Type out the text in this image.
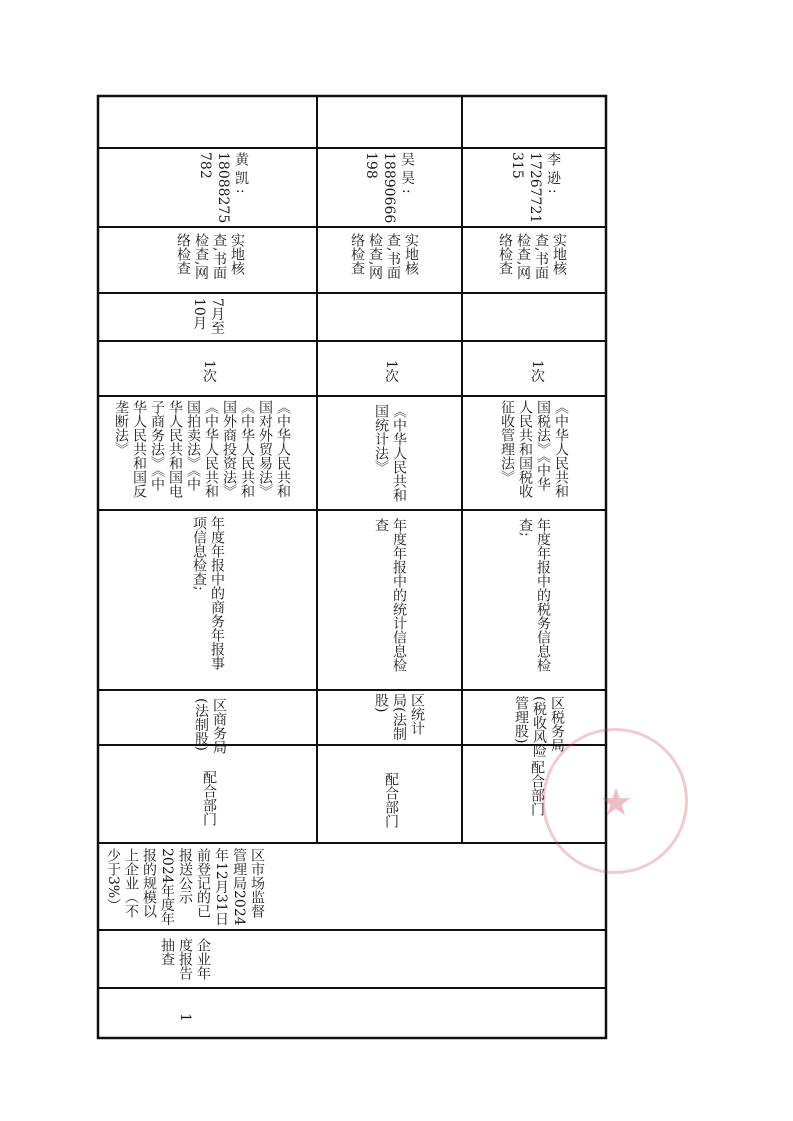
1
企业年
度报告
抽查
区市场监督
管理局2024
年12月31日
前登记的已
报送公示
2024年度年
报的规模以
上企业（不
少于3%）
配合部门
区商务局
(法制股)
年度年报中的商务年报事
项信息检查;
《中华人民共和
国对外贸易法》
《中华人民共和
国外商投资法》
《中华人民共和
国拍卖法》《中
华人民共和国电
子商务法》《中
华人民共和国反
垄断法》
1次
7月至
10月
实地核
查,书面
检查,网
络检查
黄 凯 :
18088275
782
配合部门
区统计
局(法制
股)
年度年报中的统计信息检
查
《中华人民共和
国统计法》
1次
实地核
查,书面
检查,网
络检查
吴 昊 :
18890666
198
配合部门
区税务局
(税收风险
管理股)
年度年报中的税务信息检
查;
《中华人民共和
国税法》《中华
人民共和国税收
征收管理法》
1次
实地核
查,书面
检查,网
络检查
李 逊 :
17267721
315
★
